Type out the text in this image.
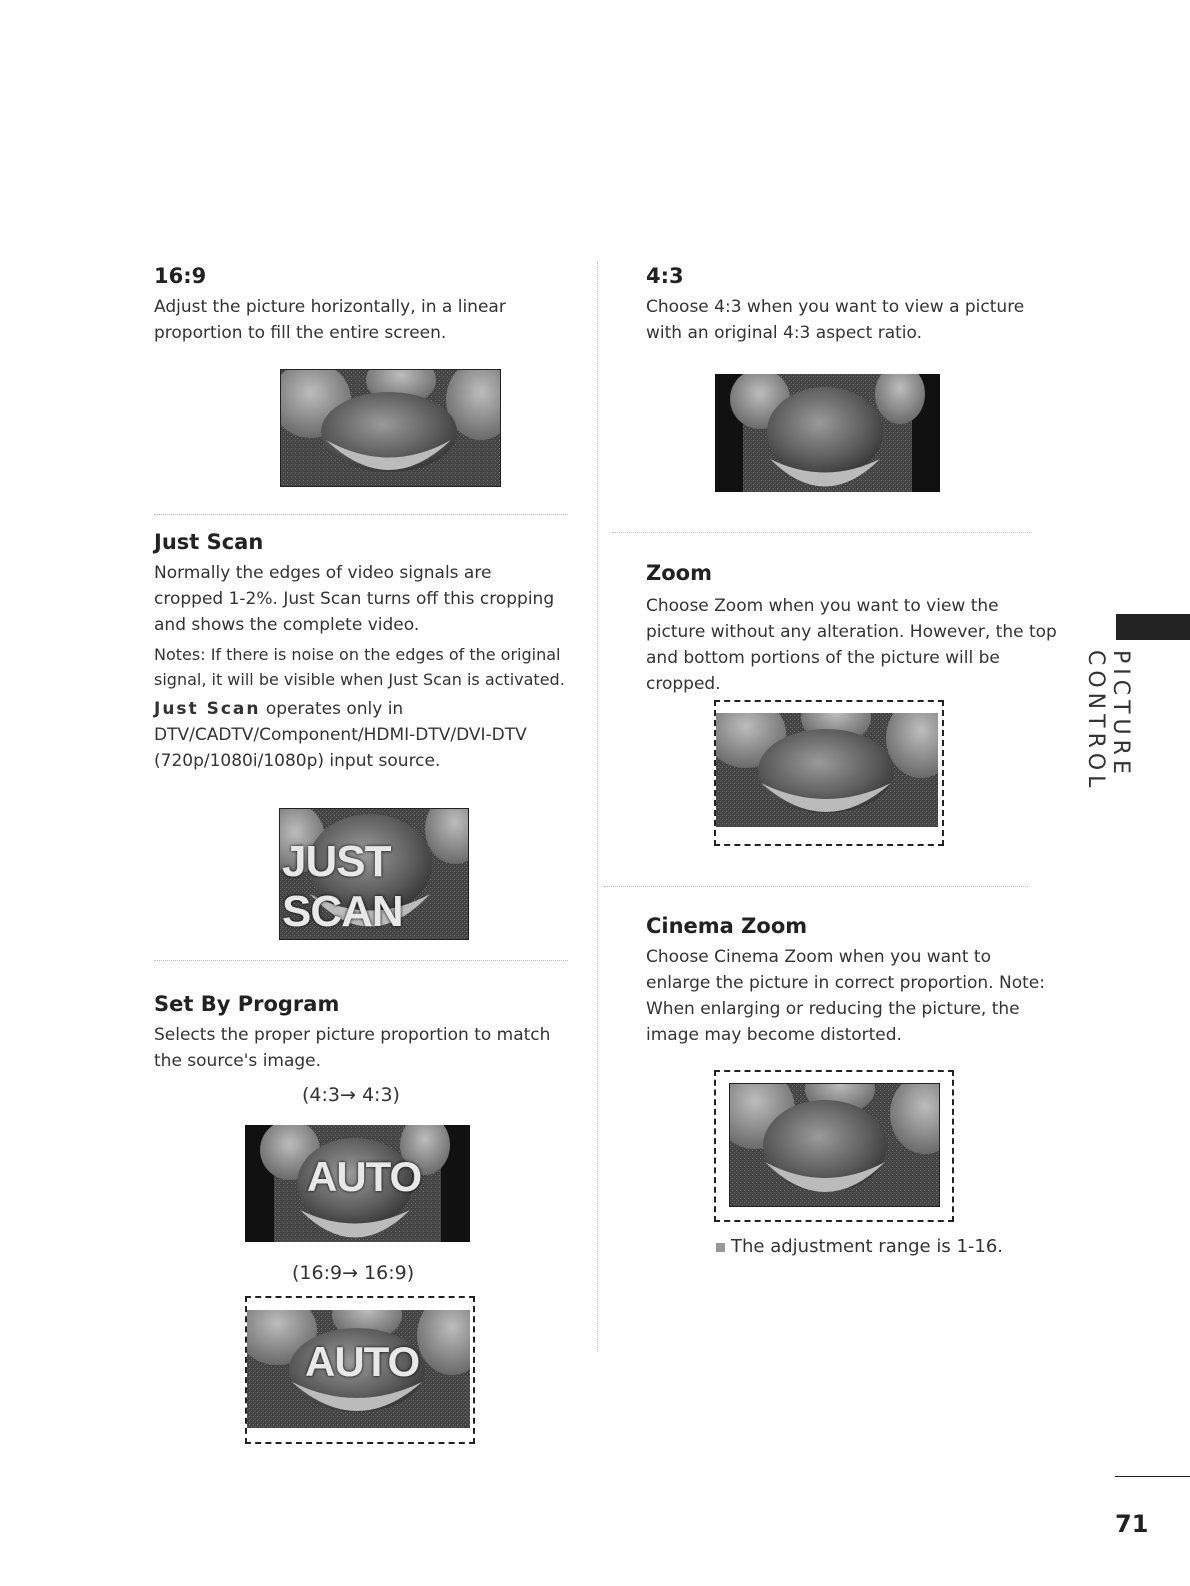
16:9
Adjust the picture horizontally, in a linear proportion to fill the entire screen.
Just Scan

Normally the edges of video signals are cropped 1-2%. Just Scan turns off this cropping and shows the complete video.

Notes: If there is noise on the edges of the original signal, it will be visible when Just Scan is activated.

Just Scan operates only in DTV/CADTV/Component/HDMI-DTV/DVI-DTV (720p/1080i/1080p) input source.

JUST SCAN
Set By Program
Selects the proper picture proportion to match the source's image.
(4:3→ 4:3)
AUTO
(16:9→ 16:9)
AUTO
4:3
Choose 4:3 when you want to view a picture with an original 4:3 aspect ratio.
Zoom
Choose Zoom when you want to view the picture without any alteration. However, the top and bottom portions of the picture will be cropped.
Cinema Zoom
Choose Cinema Zoom when you want to enlarge the picture in correct proportion. Note: When enlarging or reducing the picture, the image may become distorted.
The adjustment range is 1-16.
PICTURE CONTROL
71
